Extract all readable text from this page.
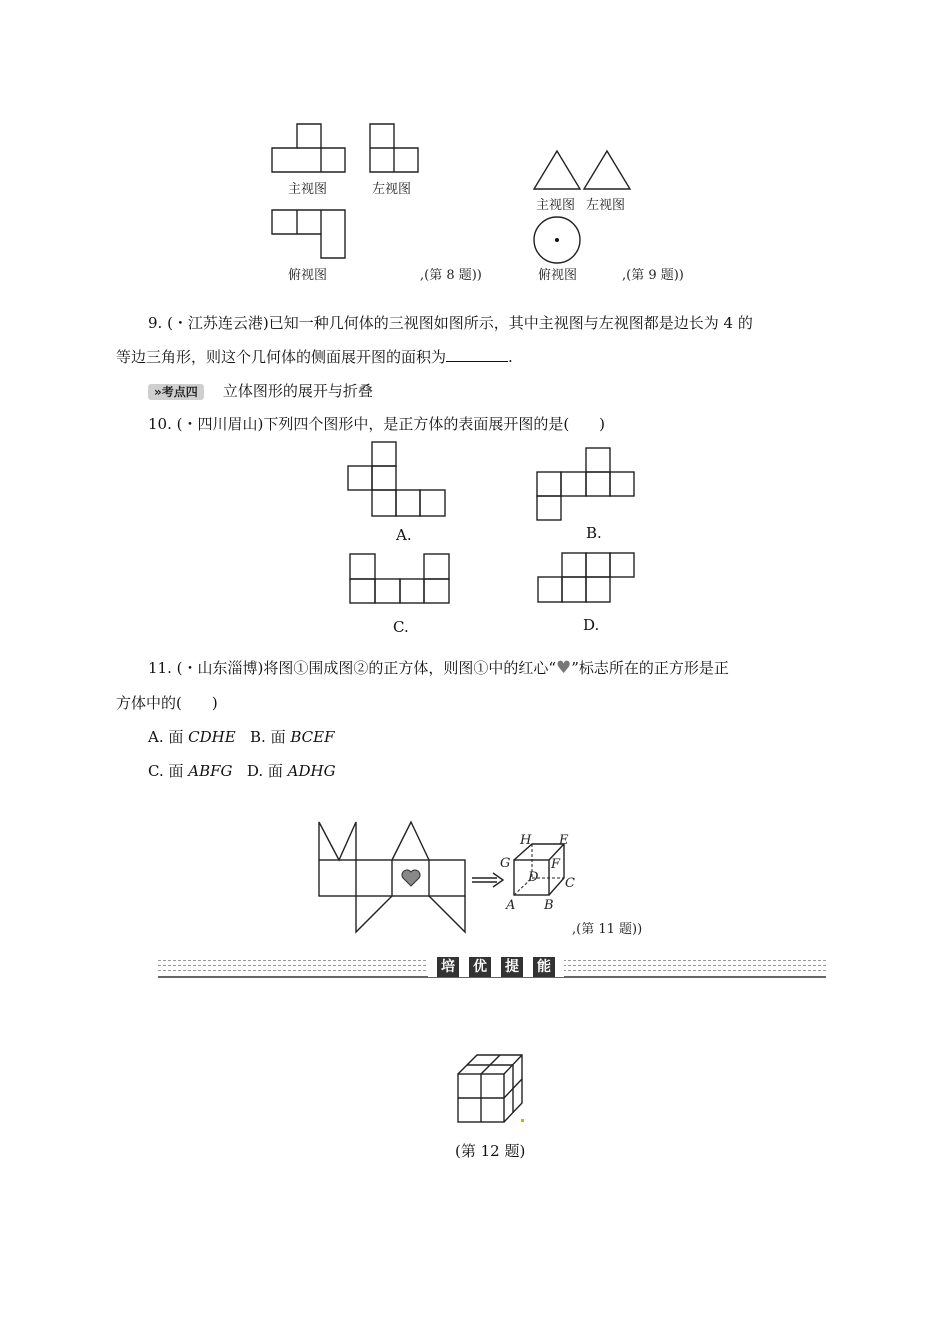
主视图	左视图
俯视图	,(第 8 题))
主视图 左视图
俯视图	,(第 9 题))
9. (・江苏连云港)已知一种几何体的三视图如图所示，其中主视图与左视图都是边长为 4 的
等边三角形，则这个几何体的侧面展开图的面积为	.
»考点四 立体图形的展开与折叠
10. (・四川眉山)下列四个图形中，是正方体的表面展开图的是(　　)
A.	B.
C.	D.
11. (・山东淄博)将图①围成图②的正方体，则图①中的红心“♥”标志所在的正方形是正
方体中的(　　)
A. 面 CDHE B. 面 BCEF
C. 面 ABFG D. 面 ADHG
H E
G	F
D C
A B
,(第 11 题))
培 优 提 能
(第 12 题)
